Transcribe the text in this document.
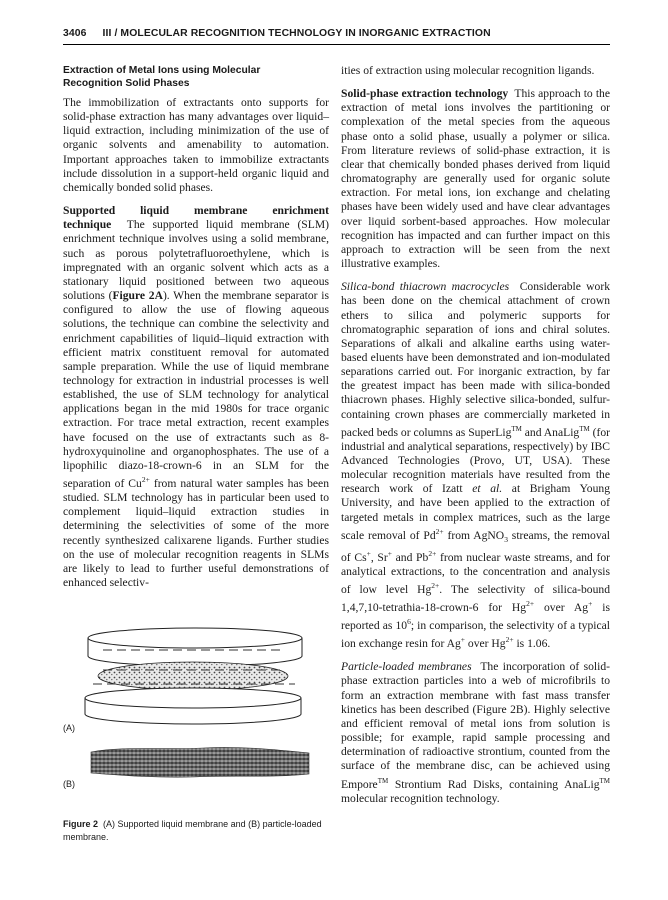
3406 III / MOLECULAR RECOGNITION TECHNOLOGY IN INORGANIC EXTRACTION
Extraction of Metal Ions using Molecular
Recognition Solid Phases

The immobilization of extractants onto supports for solid-phase extraction has many advantages over liquid–liquid extraction, including minimization of the use of organic solvents and amenability to automation. Important approaches taken to immobilize extractants include dissolution in a support-held organic liquid and chemically bonded solid phases.

Supported liquid membrane enrichment technique The supported liquid membrane (SLM) enrichment technique involves using a solid membrane, such as porous polytetrafluoroethylene, which is impregnated with an organic solvent which acts as a stationary liquid positioned between two aqueous solutions (Figure 2A). When the membrane separator is configured to allow the use of flowing aqueous solutions, the technique can combine the selectivity and enrichment capabilities of liquid–liquid extraction with efficient matrix constituent removal for automated sample preparation. While the use of liquid membrane technology for extraction in industrial processes is well established, the use of SLM technology for analytical applications began in the mid 1980s for trace organic extraction. For trace metal extraction, recent examples have focused on the use of extractants such as 8-hydroxyquinoline and organophosphates. The use of a lipophilic diazo-18-crown-6 in an SLM for the separation of $Cu^{2+}$ from natural water samples has been studied. SLM technology has in particular been used to complement liquid–liquid extraction studies in determining the selectivities of some of the more recently synthesized calixarene ligands. Further studies on the use of molecular recognition reagents in SLMs are likely to lead to further useful demonstrations of enhanced selectiv-

(A)
(B)
Figure 2 (A) Supported liquid membrane and (B) particle-loaded membrane.

ities of extraction using molecular recognition ligands.

Solid-phase extraction technology This approach to the extraction of metal ions involves the partitioning or complexation of the metal species from the aqueous phase onto a solid phase, usually a polymer or silica. From literature reviews of solid-phase extraction, it is clear that chemically bonded phases derived from liquid chromatography are generally used for organic solute extraction. For metal ions, ion exchange and chelating phases have been widely used and have clear advantages over liquid sorbent-based approaches. How molecular recognition has impacted and can further impact on this approach to extraction will be seen from the next illustrative examples.

Silica-bond thiacrown macrocycles Considerable work has been done on the chemical attachment of crown ethers to silica and polymeric supports for chromatographic separation of ions and chiral solutes. Separations of alkali and alkaline earths using water-based eluents have been demonstrated and ion-modulated separations carried out. For inorganic extraction, by far the greatest impact has been made with silica-bonded thiacrown phases. Highly selective silica-bonded, sulfur-containing crown phases are commercially marketed in packed beds or columns as SuperLig™ and AnaLig™ (for industrial and analytical separations, respectively) by IBC Advanced Technologies (Provo, UT, USA). These molecular recognition materials have resulted from the research work of Izatt et al. at Brigham Young University, and have been applied to the extraction of targeted metals in complex matrices, such as the large scale removal of $Pd^{2+}$ from AgNO$_3$ streams, the removal of Cs+, Sr+ and $Pb^{2+}$ from nuclear waste streams, and for analytical extractions, to the concentration and analysis of low level $Hg^{2+}$. The selectivity of silica-bound 1,4,7,10-tetrathia-18-crown-6 for $Hg^{2+}$ over Ag+ is reported as $10^6$; in comparison, the selectivity of a typical ion exchange resin for Ag+ over $Hg^{2+}$ is 1.06.

Particle-loaded membranes The incorporation of solid-phase extraction particles into a web of microfibrils to form an extraction membrane with fast mass transfer kinetics has been described (Figure 2B). Highly selective and efficient removal of metal ions from solution is possible; for example, rapid sample processing and determination of radioactive strontium, counted from the surface of the membrane disc, can be achieved using Empore™ Strontium Rad Disks, containing AnaLig™ molecular recognition technology.
